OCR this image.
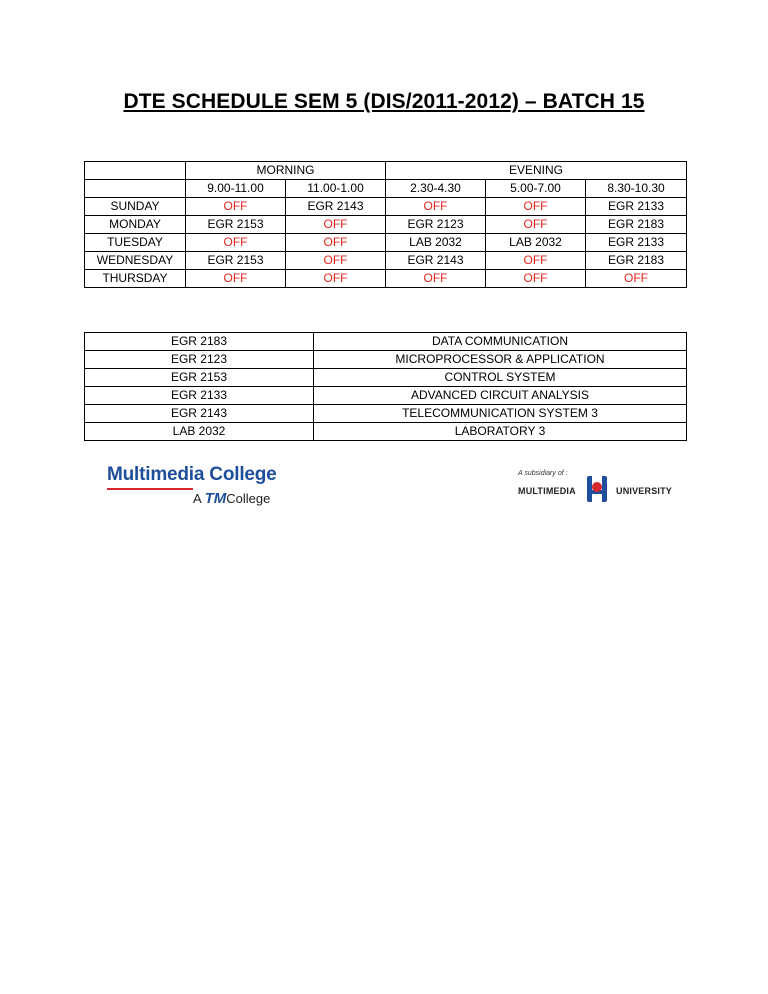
DTE SCHEDULE SEM 5 (DIS/2011-2012) – BATCH 15
	MORNING		EVENING		
	9.00-11.00	11.00-1.00	2.30-4.30	5.00-7.00	8.30-10.30
SUNDAY	OFF	EGR 2143	OFF	OFF	EGR 2133
MONDAY	EGR 2153	OFF	EGR 2123	OFF	EGR 2183
TUESDAY	OFF	OFF	LAB 2032	LAB 2032	EGR 2133
WEDNESDAY	EGR 2153	OFF	EGR 2143	OFF	EGR 2183
THURSDAY	OFF	OFF	OFF	OFF	OFF
EGR 2183	DATA COMMUNICATION
EGR 2123	MICROPROCESSOR & APPLICATION
EGR 2153	CONTROL SYSTEM
EGR 2133	ADVANCED CIRCUIT ANALYSIS
EGR 2143	TELECOMMUNICATION SYSTEM 3
LAB 2032	LABORATORY 3
Multimedia College
A TMCollege
A subsidiary of :
MULTIMEDIA	UNIVERSITY
